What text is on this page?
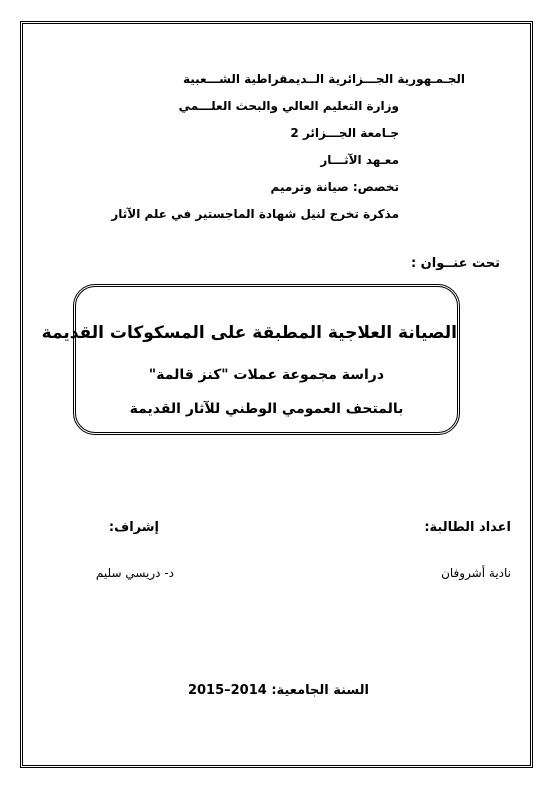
الجـمـهورية الجـــزائرية الــديمقراطية الشـــعبية
وزارة التعليم العالي والبحث العلـــمي
جـامعة الجـــزائر 2
معـهد الآثـــار
تخصص: صيانة وترميم
مذكرة تخرج لنيل شهادة الماجستير في علم الآثار
تحت عنــوان :
الصيانة العلاجية المطبقة على المسكوكات القديمة
دراسة مجموعة عملات "كنز قالمة"
بالمتحف العمومي الوطني للآثار القديمة
اعداد الطالبة:
نادية أشروفان
إشراف:
د- دريسي سليم
السنة الجامعية: 2014–2015
